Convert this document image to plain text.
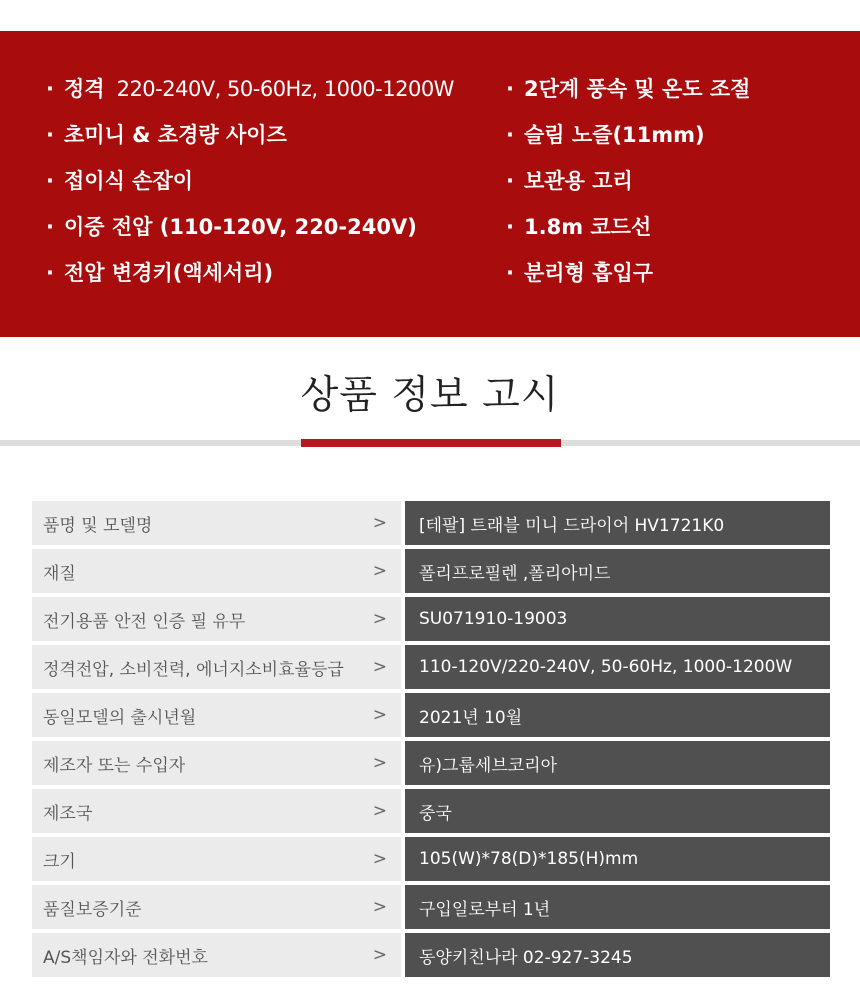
· 정격 220-240V, 50-60Hz, 1000-1200W
· 초미니 & 초경량 사이즈
· 접이식 손잡이
· 이중 전압 (110-120V, 220-240V)
· 전압 변경키(액세서리)
· 2단계 풍속 및 온도 조절
· 슬림 노즐(11mm)
· 보관용 고리
· 1.8m 코드선
· 분리형 흡입구
상품 정보 고시
품명 및 모델명	>	[테팔] 트래블 미니 드라이어 HV1721K0
재질	>	폴리프로필렌 ,폴리아미드
전기용품 안전 인증 필 유무	>	SU071910-19003
정격전압, 소비전력, 에너지소비효율등급 >	110-120V/220-240V, 50-60Hz, 1000-1200W
동일모델의 출시년월	>	2021년 10월
제조자 또는 수입자	>	유)그룹세브코리아
제조국	>	중국
크기	>	105(W)*78(D)*185(H)mm
품질보증기준	>	구입일로부터 1년
A/S책임자와 전화번호	>	동양키친나라 02-927-3245
